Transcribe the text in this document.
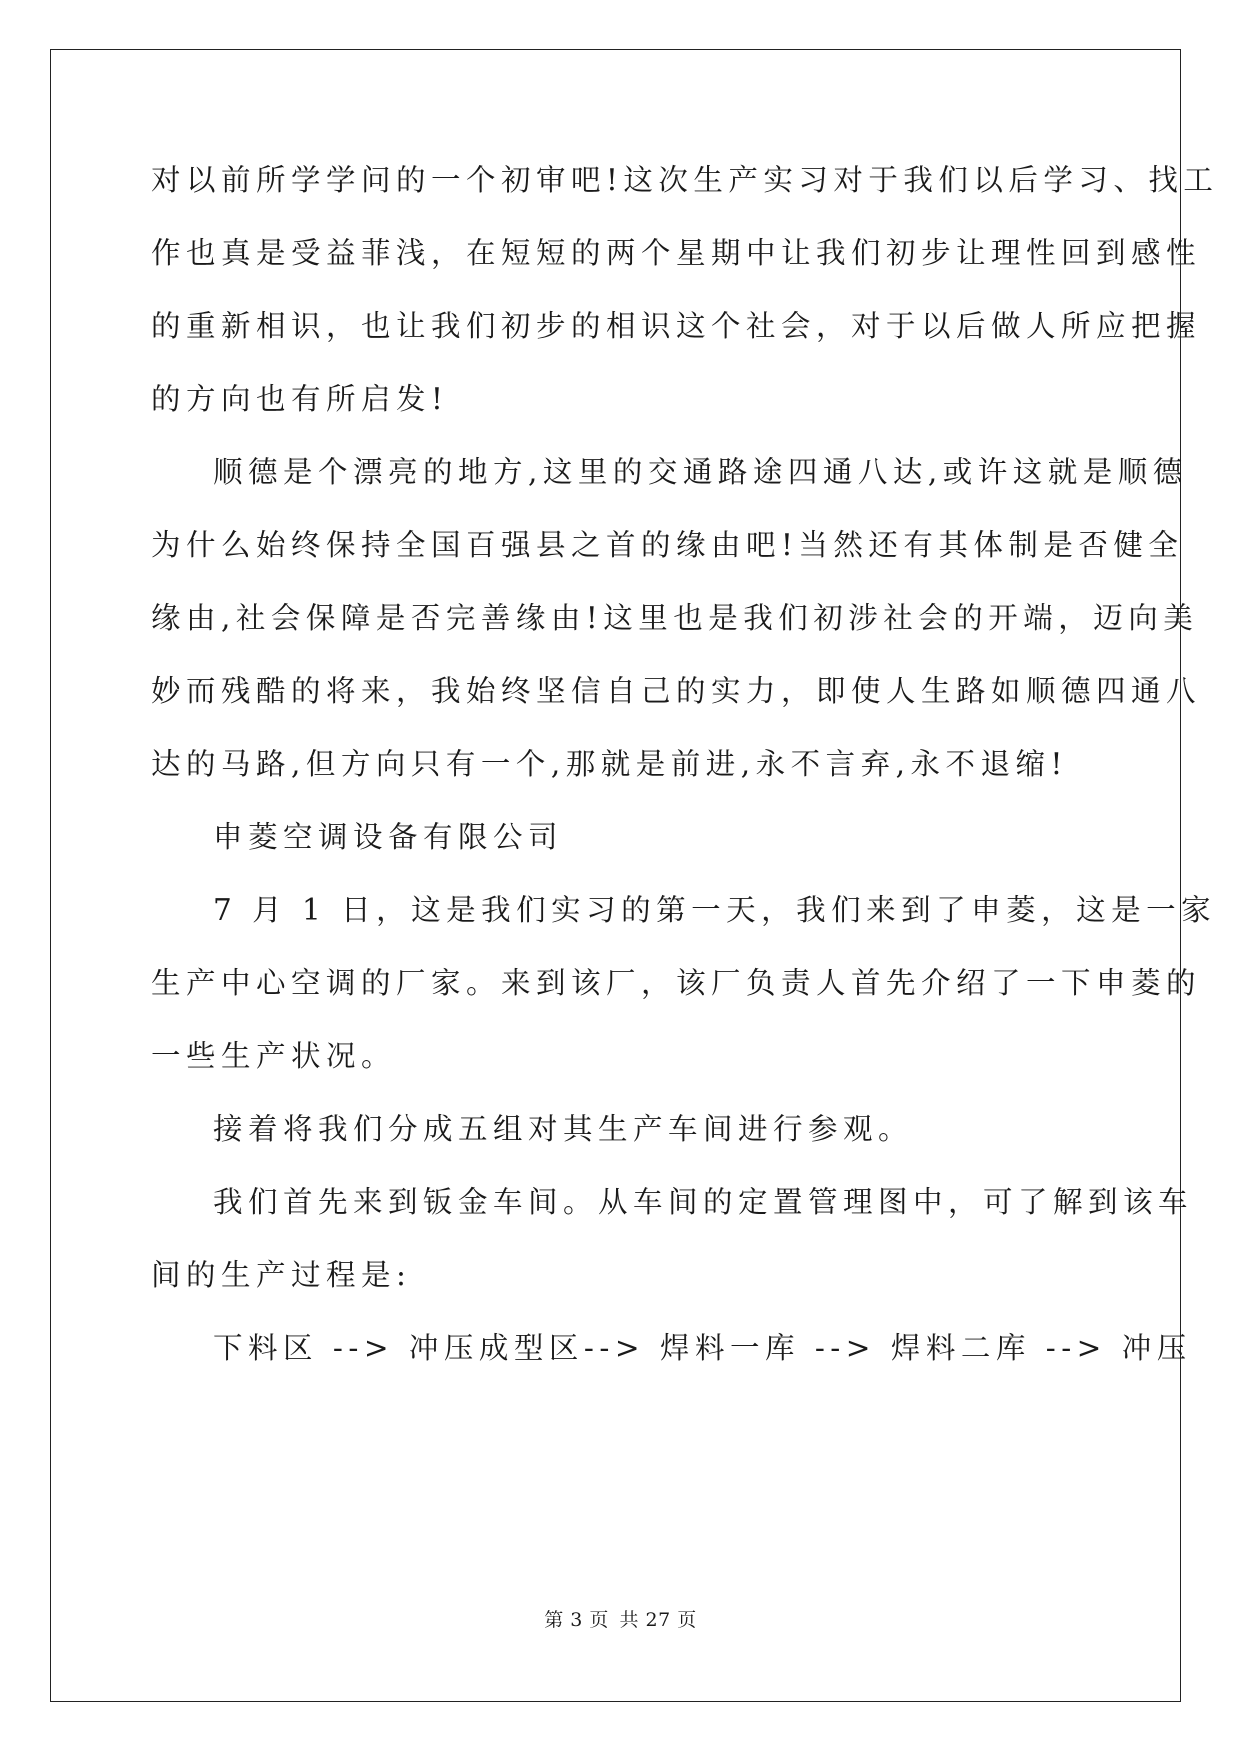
对以前所学学问的一个初审吧!这次生产实习对于我们以后学习、找工
作也真是受益菲浅，在短短的两个星期中让我们初步让理性回到感性
的重新相识，也让我们初步的相识这个社会，对于以后做人所应把握
的方向也有所启发!
顺德是个漂亮的地方,这里的交通路途四通八达,或许这就是顺德
为什么始终保持全国百强县之首的缘由吧!当然还有其体制是否健全
缘由,社会保障是否完善缘由!这里也是我们初涉社会的开端，迈向美
妙而残酷的将来，我始终坚信自己的实力，即使人生路如顺德四通八
达的马路,但方向只有一个,那就是前进,永不言弃,永不退缩!
申菱空调设备有限公司
7 月 1 日，这是我们实习的第一天，我们来到了申菱，这是一家
生产中心空调的厂家。来到该厂，该厂负责人首先介绍了一下申菱的
一些生产状况。
接着将我们分成五组对其生产车间进行参观。
我们首先来到钣金车间。从车间的定置管理图中，可了解到该车
间的生产过程是:
下料区 --> 冲压成型区--> 焊料一库 --> 焊料二库 --> 冲压
第 3 页 共 27 页
